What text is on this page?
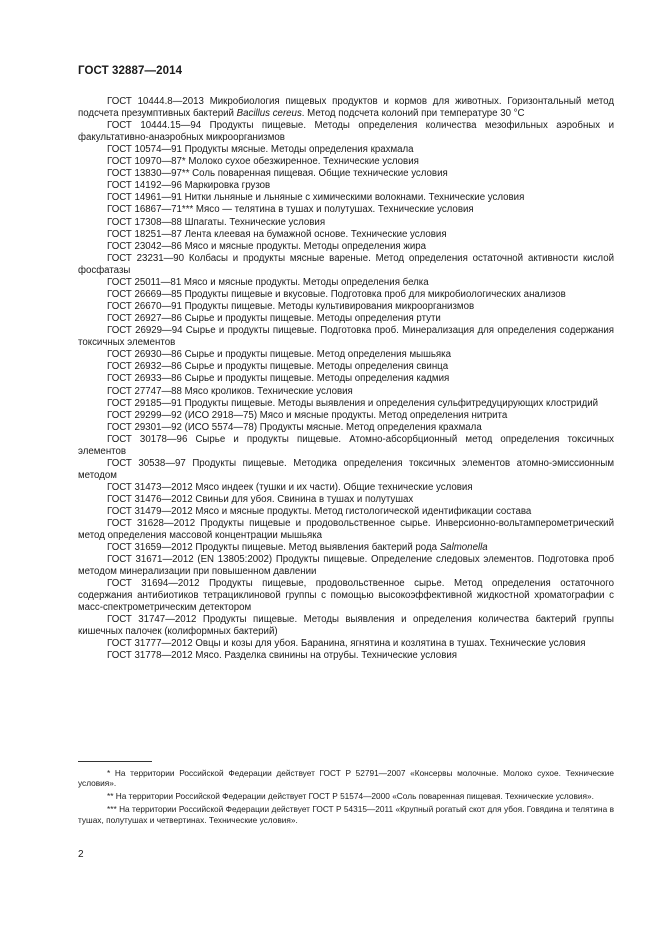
ГОСТ 32887—2014

ГОСТ 10444.8—2013 Микробиология пищевых продуктов и кормов для животных. Горизонтальный метод подсчета презумптивных бактерий Bacillus cereus. Метод подсчета колоний при температуре 30 °С

ГОСТ 10444.15—94 Продукты пищевые. Методы определения количества мезофильных аэробных и факультативно-анаэробных микроорганизмов

ГОСТ 10574—91 Продукты мясные. Методы определения крахмала

ГОСТ 10970—87* Молоко сухое обезжиренное. Технические условия

ГОСТ 13830—97** Соль поваренная пищевая. Общие технические условия

ГОСТ 14192—96 Маркировка грузов

ГОСТ 14961—91 Нитки льняные и льняные с химическими волокнами. Технические условия

ГОСТ 16867—71*** Мясо — телятина в тушах и полутушах. Технические условия

ГОСТ 17308—88 Шпагаты. Технические условия

ГОСТ 18251—87 Лента клеевая на бумажной основе. Технические условия

ГОСТ 23042—86 Мясо и мясные продукты. Методы определения жира

ГОСТ 23231—90 Колбасы и продукты мясные вареные. Метод определения остаточной активности кислой фосфатазы

ГОСТ 25011—81 Мясо и мясные продукты. Методы определения белка

ГОСТ 26669—85 Продукты пищевые и вкусовые. Подготовка проб для микробиологических анализов

ГОСТ 26670—91 Продукты пищевые. Методы культивирования микроорганизмов

ГОСТ 26927—86 Сырье и продукты пищевые. Методы определения ртути

ГОСТ 26929—94 Сырье и продукты пищевые. Подготовка проб. Минерализация для определения содержания токсичных элементов

ГОСТ 26930—86 Сырье и продукты пищевые. Метод определения мышьяка

ГОСТ 26932—86 Сырье и продукты пищевые. Методы определения свинца

ГОСТ 26933—86 Сырье и продукты пищевые. Методы определения кадмия

ГОСТ 27747—88 Мясо кроликов. Технические условия

ГОСТ 29185—91 Продукты пищевые. Методы выявления и определения сульфитредуцирующих клостридий

ГОСТ 29299—92 (ИСО 2918—75) Мясо и мясные продукты. Метод определения нитрита

ГОСТ 29301—92 (ИСО 5574—78) Продукты мясные. Метод определения крахмала

ГОСТ 30178—96 Сырье и продукты пищевые. Атомно-абсорбционный метод определения токсичных элементов

ГОСТ 30538—97 Продукты пищевые. Методика определения токсичных элементов атомно-эмиссионным методом

ГОСТ 31473—2012 Мясо индеек (тушки и их части). Общие технические условия

ГОСТ 31476—2012 Свиньи для убоя. Свинина в тушах и полутушах

ГОСТ 31479—2012 Мясо и мясные продукты. Метод гистологической идентификации состава

ГОСТ 31628—2012 Продукты пищевые и продовольственное сырье. Инверсионно-вольтамперометрический метод определения массовой концентрации мышьяка

ГОСТ 31659—2012 Продукты пищевые. Метод выявления бактерий рода Salmonella

ГОСТ 31671—2012 (EN 13805:2002) Продукты пищевые. Определение следовых элементов. Подготовка проб методом минерализации при повышенном давлении

ГОСТ 31694—2012 Продукты пищевые, продовольственное сырье. Метод определения остаточного содержания антибиотиков тетрациклиновой группы с помощью высокоэффективной жидкостной хроматографии с масс-спектрометрическим детектором

ГОСТ 31747—2012 Продукты пищевые. Методы выявления и определения количества бактерий группы кишечных палочек (колиформных бактерий)

ГОСТ 31777—2012 Овцы и козы для убоя. Баранина, ягнятина и козлятина в тушах. Технические условия

ГОСТ 31778—2012 Мясо. Разделка свинины на отрубы. Технические условия

* На территории Российской Федерации действует ГОСТ Р 52791—2007 «Консервы молочные. Молоко сухое. Технические условия».

** На территории Российской Федерации действует ГОСТ Р 51574—2000 «Соль поваренная пищевая. Технические условия».

*** На территории Российской Федерации действует ГОСТ Р 54315—2011 «Крупный рогатый скот для убоя. Говядина и телятина в тушах, полутушах и четвертинах. Технические условия».

2
